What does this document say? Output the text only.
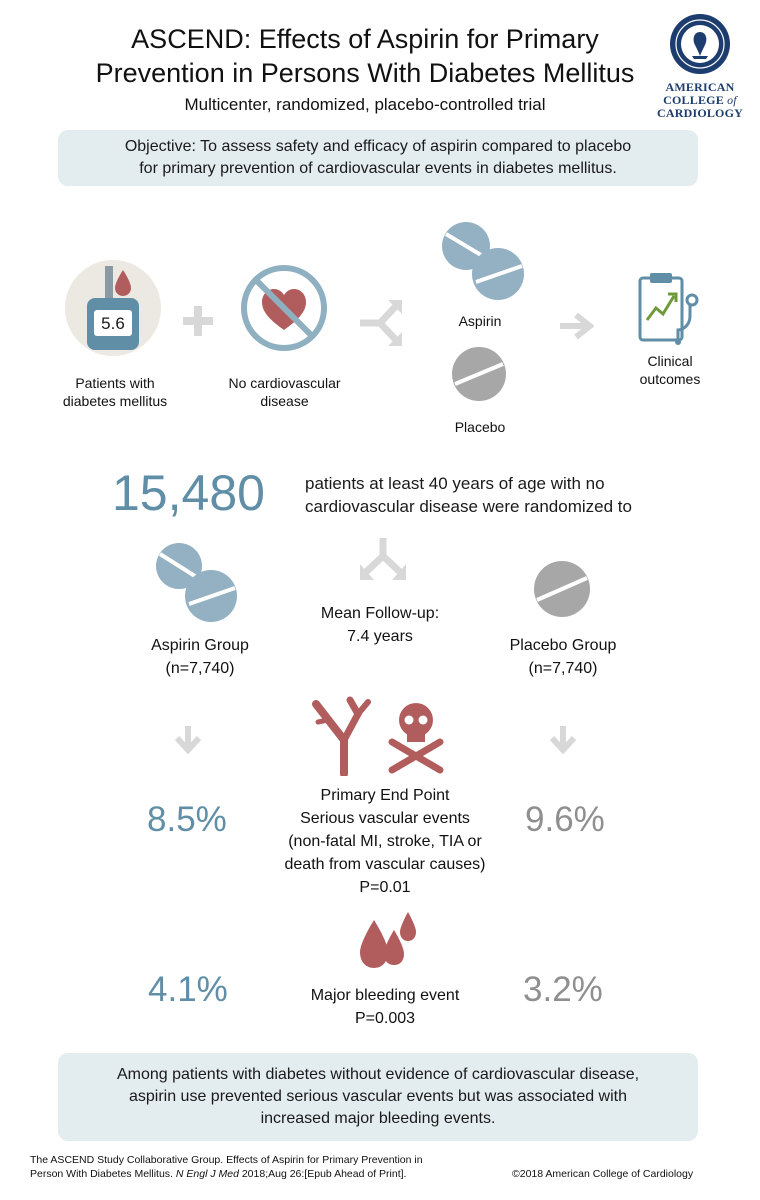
ASCEND: Effects of Aspirin for Primary
Prevention in Persons With Diabetes Mellitus
Multicenter, randomized, placebo-controlled trial
AMERICAN
COLLEGE of
CARDIOLOGY
Objective: To assess safety and efficacy of aspirin compared to placebo
for primary prevention of cardiovascular events in diabetes mellitus.
5.6	Aspirin
Placebo
Clinical
outcomes
Patients with
diabetes mellitus
No cardiovascular
disease
15,480 patients at least 40 years of age with no
cardiovascular disease were randomized to
Aspirin Group
(n=7,740)
Mean Follow-up:
7.4 years
Placebo Group
(n=7,740)
8.5%
Primary End Point
Serious vascular events
(non-fatal MI, stroke, TIA or
death from vascular causes)
P=0.01
9.6%
4.1%	Major bleeding event
P=0.003
3.2%
Among patients with diabetes without evidence of cardiovascular disease,
aspirin use prevented serious vascular events but was associated with
increased major bleeding events.
The ASCEND Study Collaborative Group. Effects of Aspirin for Primary Prevention in
Person With Diabetes Mellitus. N Engl J Med 2018;Aug 26:[Epub Ahead of Print].	©2018 American College of Cardiology
